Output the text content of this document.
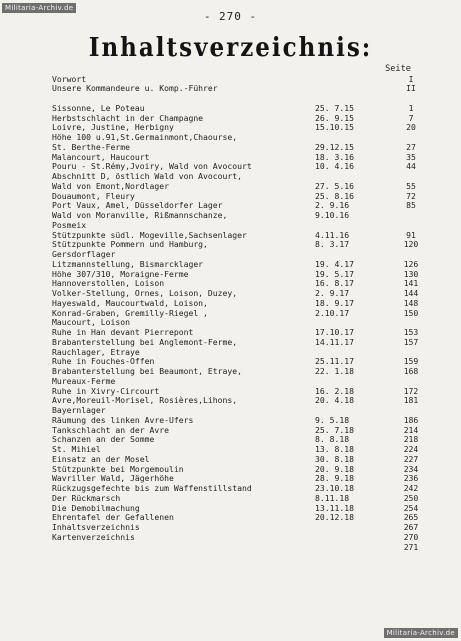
Militaria-Archiv.de
- 270 -
Inhaltsverzeichnis:
Seite
Vorwort	I
Unsere Kommandeure u. Komp.-Führer	II
Sissonne, Le Poteau	25. 7.15	1
Herbstschlacht in der Champagne	26. 9.15	7
Loivre, Justine, Herbigny	15.10.15	20
Höhe 100 u.91,St.Germainmont,Chaourse,
St. Berthe-Ferme	29.12.15	27
Malancourt, Haucourt	18. 3.16	35
Pouru - St.Rémy,Jvoiry, Wald von Avocourt	10. 4.16	44
Abschnitt D, östlich Wald von Avocourt,
Wald von Emont,Nordlager	27. 5.16	55
Douaumont, Fleury	25. 8.16	72
Port Vaux, Amel, Düsseldorfer Lager	2. 9.16	85
Wald von Moranville, Rißmannschanze,	9.10.16
Posmeix
Stützpunkte südl. Mogeville,Sachsenlager	4.11.16	91
Stützpunkte Pommern und Hamburg,	8. 3.17	120
Gersdorflager
Litzmannstellung, Bismarcklager	19. 4.17	126
Höhe 307/310, Moraigne-Ferme	19. 5.17	130
Hannoverstollen, Loison	16. 8.17	141
Volker-Stellung, Ornes, Loison, Duzey,	2. 9.17	144
Hayeswald, Maucourtwald, Loison,	18. 9.17	148
Konrad-Graben, Gremilly-Riegel ,	2.10.17	150
Maucourt, Loison
Ruhe in Han devant Pierrepont	17.10.17	153
Brabanterstellung bei Anglemont-Ferme,	14.11.17	157
Rauchlager, Etraye
Ruhe in Fouches-Offen	25.11.17	159
Brabanterstellung bei Beaumont, Etraye,	22. 1.18	168
Mureaux-Ferme
Ruhe in Xivry-Circourt	16. 2.18	172
Avre,Moreuil-Morisel, Rosières,Lihons,	20. 4.18	181
Bayernlager
Räumung des linken Avre-Ufers	9. 5.18	186
Tankschlacht an der Avre	25. 7.18	214
Schanzen an der Somme	8. 8.18	218
St. Mihiel	13. 8.18	224
Einsatz an der Mosel	30. 8.18	227
Stützpunkte bei Morgemoulin	20. 9.18	234
Wavriller Wald, Jägerhöhe	28. 9.18	236
Rückzugsgefechte bis zum Waffenstillstand	23.10.18	242
Der Rückmarsch	8.11.18	250
Die Demobilmachung	13.11.18	254
Ehrentafel der Gefallenen	20.12.18	265
Inhaltsverzeichnis	267
Kartenverzeichnis	270
271
Militaria-Archiv.de
